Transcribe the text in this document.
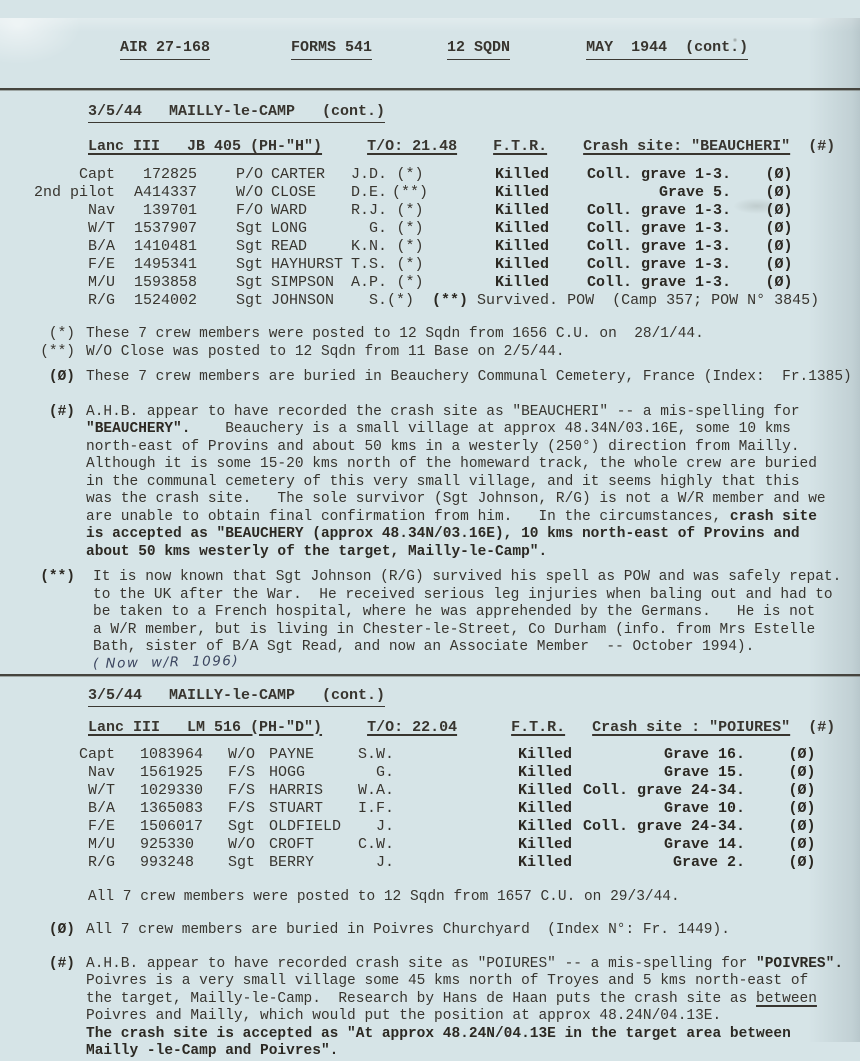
AIR 27-168	FORMS 541	12 SQDN	MAY  1944  (cont.)

3/5/44   MAILLY-le-CAMP   (cont.)
Lanc III   JB 405 (PH-"H")	T/O: 21.48 F.T.R. Crash site: "BEAUCHERI" (#)
Capt	172825	P/O	CARTER	J.D.	(*)		Killed	Coll. grave 1-3.	(Ø)
2nd pilot	A414337	W/O	CLOSE	D.E.	(**)		Killed	Grave 5.	(Ø)
Nav	139701	F/O	WARD	R.J.	(*)		Killed	Coll. grave 1-3.	(Ø)
W/T	1537907	Sgt	LONG	G.	(*)		Killed	Coll. grave 1-3.	(Ø)
B/A	1410481	Sgt	READ	K.N.	(*)		Killed	Coll. grave 1-3.	(Ø)
F/E	1495341	Sgt	HAYHURST	T.S.	(*)		Killed	Coll. grave 1-3.	(Ø)
M/U	1593858	Sgt	SIMPSON	A.P.	(*)		Killed	Coll. grave 1-3.	(Ø)
R/G	1524002	Sgt	JOHNSON	S.	(*) (**) Survived. POW  (Camp 357; POW N° 3845)				
(*) These 7 crew members were posted to 12 Sqdn from 1656 C.U. on  28/1/44.
(**) W/O Close was posted to 12 Sqdn from 11 Base on 2/5/44.
(Ø) These 7 crew members are buried in Beauchery Communal Cemetery, France (Index:  Fr.1385)
(#) A.H.B. appear to have recorded the crash site as "BEAUCHERI" -- a mis-spelling for
"BEAUCHERY".    Beauchery is a small village at approx 48.34N/03.16E, some 10 kms
north-east of Provins and about 50 kms in a westerly (250°) direction from Mailly.
Although it is some 15-20 kms north of the homeward track, the whole crew are buried
in the communal cemetery of this very small village, and it seems highly that this
was the crash site.   The sole survivor (Sgt Johnson, R/G) is not a W/R member and we
are unable to obtain final confirmation from him.   In the circumstances, crash site
is accepted as "BEAUCHERY (approx 48.34N/03.16E), 10 kms north-east of Provins and
about 50 kms westerly of the target, Mailly-le-Camp".
(**) It is now known that Sgt Johnson (R/G) survived his spell as POW and was safely repat.
to the UK after the War.  He received serious leg injuries when baling out and had to
be taken to a French hospital, where he was apprehended by the Germans.   He is not
a W/R member, but is living in Chester-le-Street, Co Durham (info. from Mrs Estelle
Bath, sister of B/A Sgt Read, and now an Associate Member  -- October 1994).
( Now  w/R  1096)
3/5/44   MAILLY-le-CAMP   (cont.)
Lanc III   LM 516 (PH-"D")	T/O: 22.04	F.T.R. Crash site : "POIURES" (#)
Capt	1083964	W/O	PAYNE	S.W.		Killed	Grave 16.	(Ø)
Nav	1561925	F/S	HOGG	G.		Killed	Grave 15.	(Ø)
W/T	1029330	F/S	HARRIS	W.A.		Killed	Coll. grave 24-34.	(Ø)
B/A	1365083	F/S	STUART	I.F.		Killed	Grave 10.	(Ø)
F/E	1506017	Sgt	OLDFIELD	J.		Killed	Coll. grave 24-34.	(Ø)
M/U	925330	W/O	CROFT	C.W.		Killed	Grave 14.	(Ø)
R/G	993248	Sgt	BERRY	J.		Killed	Grave 2.	(Ø)
All 7 crew members were posted to 12 Sqdn from 1657 C.U. on 29/3/44.
(Ø) All 7 crew members are buried in Poivres Churchyard  (Index N°: Fr. 1449).
(#) A.H.B. appear to have recorded crash site as "POIURES" -- a mis-spelling for "POIVRES".
Poivres is a very small village some 45 kms north of Troyes and 5 kms north-east of
the target, Mailly-le-Camp.  Research by Hans de Haan puts the crash site as between
Poivres and Mailly, which would put the position at approx 48.24N/04.13E.
The crash site is accepted as "At approx 48.24N/04.13E in the target area between
Mailly -le-Camp and Poivres".
